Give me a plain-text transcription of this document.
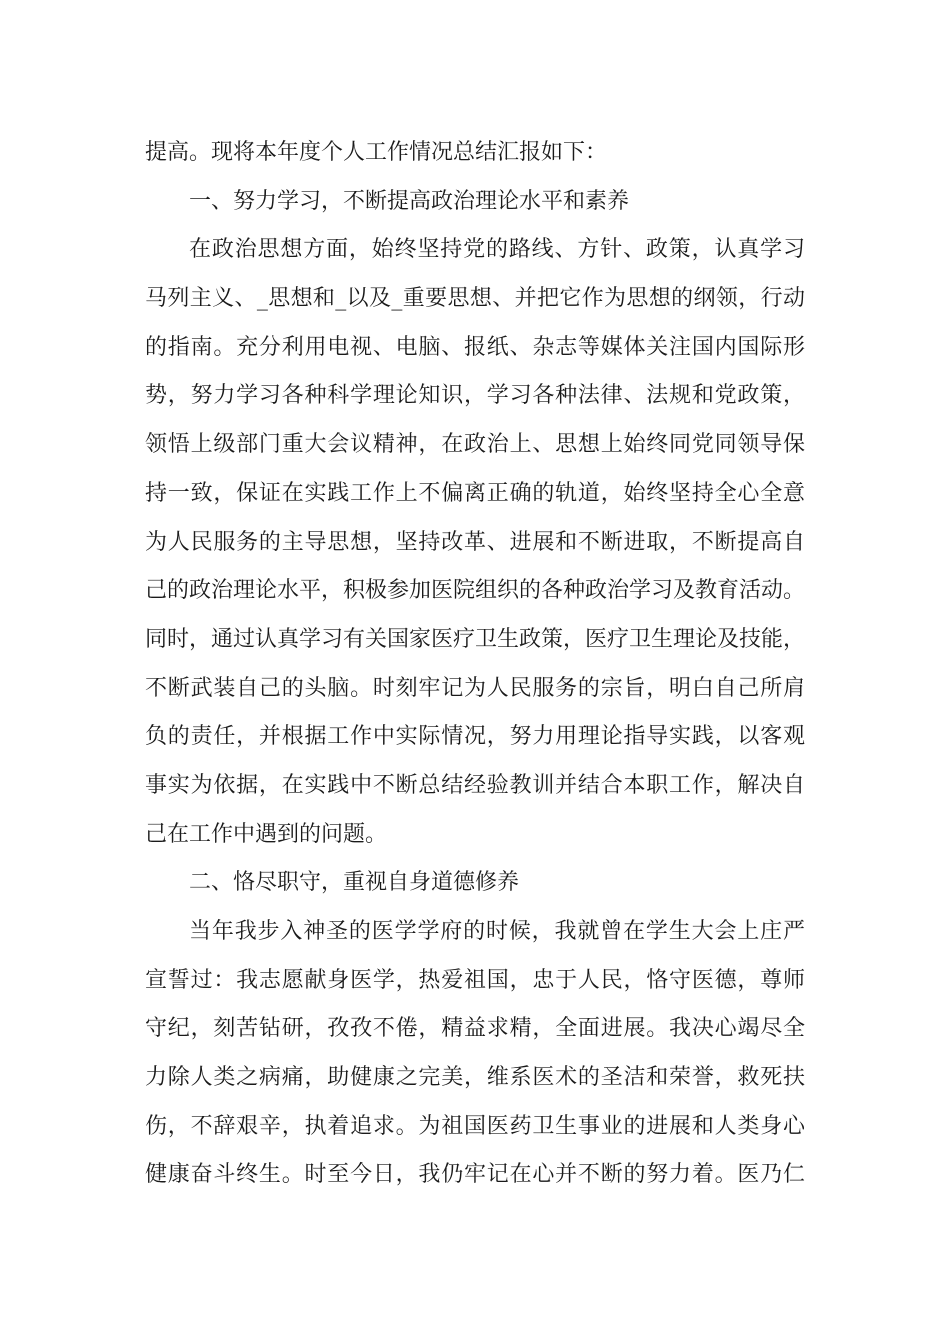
提高。现将本年度个人工作情况总结汇报如下：
一、努力学习，不断提高政治理论水平和素养
在政治思想方面，始终坚持党的路线、方针、政策，认真学习
马列主义、_思想和_以及_重要思想、并把它作为思想的纲领，行动
的指南。充分利用电视、电脑、报纸、杂志等媒体关注国内国际形
势，努力学习各种科学理论知识，学习各种法律、法规和党政策，
领悟上级部门重大会议精神，在政治上、思想上始终同党同领导保
持一致，保证在实践工作上不偏离正确的轨道，始终坚持全心全意
为人民服务的主导思想，坚持改革、进展和不断进取，不断提高自
己的政治理论水平，积极参加医院组织的各种政治学习及教育活动。
同时，通过认真学习有关国家医疗卫生政策，医疗卫生理论及技能，
不断武装自己的头脑。时刻牢记为人民服务的宗旨，明白自己所肩
负的责任，并根据工作中实际情况，努力用理论指导实践，以客观
事实为依据，在实践中不断总结经验教训并结合本职工作，解决自
己在工作中遇到的问题。
二、恪尽职守，重视自身道德修养
当年我步入神圣的医学学府的时候，我就曾在学生大会上庄严
宣誓过：我志愿献身医学，热爱祖国，忠于人民，恪守医德，尊师
守纪，刻苦钻研，孜孜不倦，精益求精，全面进展。我决心竭尽全
力除人类之病痛，助健康之完美，维系医术的圣洁和荣誉，救死扶
伤，不辞艰辛，执着追求。为祖国医药卫生事业的进展和人类身心
健康奋斗终生。时至今日，我仍牢记在心并不断的努力着。医乃仁
